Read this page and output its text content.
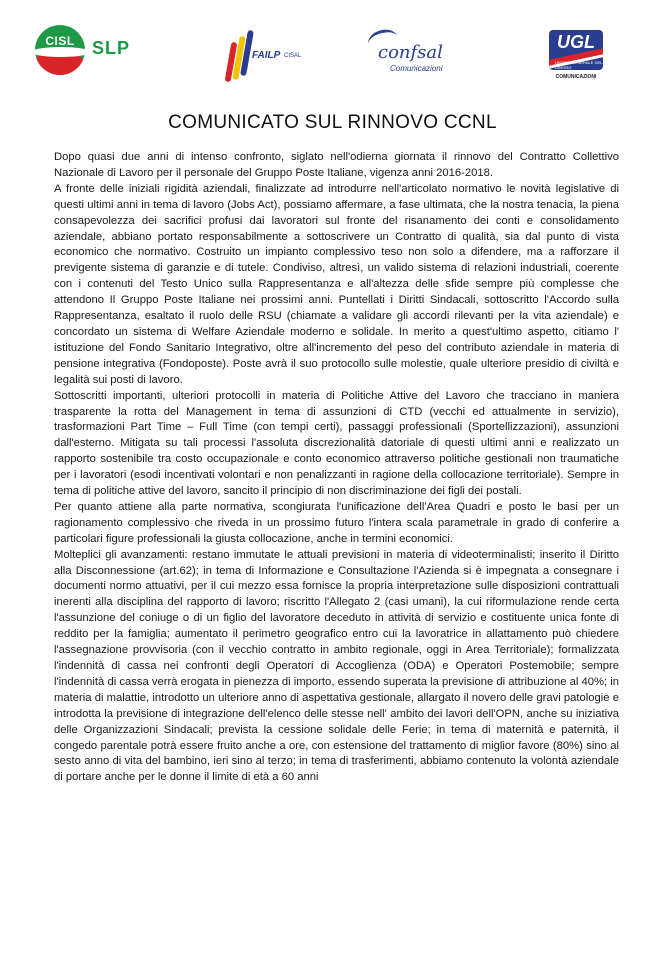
CISL SLP	FAILP CISAL	confsal
Comunicazioni
UGL
UNIONE GENERALE DEL LAVORO
COMUNICAZIONI
COMUNICATO SUL RINNOVO CCNL

Dopo quasi due anni di intenso confronto, siglato nell'odierna giornata il rinnovo del Contratto Collettivo Nazionale di Lavoro per il personale del Gruppo Poste Italiane, vigenza anni 2016-2018.

A fronte delle iniziali rigidità aziendali, finalizzate ad introdurre nell'articolato normativo le novità legislative di questi ultimi anni in tema di lavoro (Jobs Act), possiamo affermare, a fase ultimata, che la nostra tenacia, la piena consapevolezza dei sacrifici profusi dai lavoratori sul fronte del risanamento dei conti e consolidamento aziendale, abbiano portato responsabilmente a sottoscrivere un Contratto di qualità, sia dal punto di vista economico che normativo. Costruito un impianto complessivo teso non solo a difendere, ma a rafforzare il previgente sistema di garanzie e di tutele. Condiviso, altresì, un valido sistema di relazioni industriali, coerente con i contenuti del Testo Unico sulla Rappresentanza e all'altezza delle sfide sempre più complesse che attendono Il Gruppo Poste Italiane nei prossimi anni. Puntellati i Diritti Sindacali, sottoscritto l'Accordo sulla Rappresentanza, esaltato il ruolo delle RSU (chiamate a validare gli accordi rilevanti per la vita aziendale) e concordato un sistema di Welfare Aziendale moderno e solidale. In merito a quest'ultimo aspetto, citiamo l' istituzione del Fondo Sanitario Integrativo, oltre all'incremento del peso del contributo aziendale in materia di pensione integrativa (Fondoposte). Poste avrà il suo protocollo sulle molestie, quale ulteriore presidio di civiltà e legalità sui posti di lavoro.

Sottoscritti importanti, ulteriori protocolli in materia di Politiche Attive del Lavoro che tracciano in maniera trasparente la rotta del Management in tema di assunzioni di CTD (vecchi ed attualmente in servizio), trasformazioni Part Time – Full Time (con tempi certi), passaggi professionali (Sportellizzazioni), assunzioni dall'esterno. Mitigata su tali processi l'assoluta discrezionalità datoriale di questi ultimi anni e realizzato un rapporto sostenibile tra costo occupazionale e conto economico attraverso politiche gestionali non traumatiche per i lavoratori (esodi incentivati volontari e non penalizzanti in ragione della collocazione territoriale). Sempre in tema di politiche attive del lavoro, sancito il principio di non discriminazione dei figli dei postali.

Per quanto attiene alla parte normativa, scongiurata l'unificazione dell'Area Quadri e posto le basi per un ragionamento complessivo che riveda in un prossimo futuro l'intera scala parametrale in grado di conferire a particolari figure professionali la giusta collocazione, anche in termini economici.

Molteplici gli avanzamenti: restano immutate le attuali previsioni in materia di videoterminalisti; inserito il Diritto alla Disconnessione (art.62); in tema di Informazione e Consultazione l'Azienda si è impegnata a consegnare i documenti normo attuativi, per il cui mezzo essa fornisce la propria interpretazione sulle disposizioni contrattuali inerenti alla disciplina del rapporto di lavoro; riscritto l'Allegato 2 (casi umani), la cui riformulazione rende certa l'assunzione del coniuge o di un figlio del lavoratore deceduto in attività di servizio e costituente unica fonte di reddito per la famiglia; aumentato il perimetro geografico entro cui la lavoratrice in allattamento può chiedere l'assegnazione provvisoria (con il vecchio contratto in ambito regionale, oggi in Area Territoriale); formalizzata l'indennità di cassa nei confronti degli Operatori di Accoglienza (ODA) e Operatori Postemobile; sempre l'indennità di cassa verrà erogata in pienezza di importo, essendo superata la previsione di attribuzione al 40%; in materia di malattie, introdotto un ulteriore anno di aspettativa gestionale, allargato il novero delle gravi patologie e introdotta la previsione di integrazione dell'elenco delle stesse nell' ambito dei lavori dell'OPN, anche su iniziativa delle Organizzazioni Sindacali; prevista la cessione solidale delle Ferie; in tema di maternità e paternità, il congedo parentale potrà essere fruito anche a ore, con estensione del trattamento di miglior favore (80%) sino al sesto anno di vita del bambino, ieri sino al terzo; in tema di trasferimenti, abbiamo contenuto la volontà aziendale di portare anche per le donne il limite di età a 60 anni
